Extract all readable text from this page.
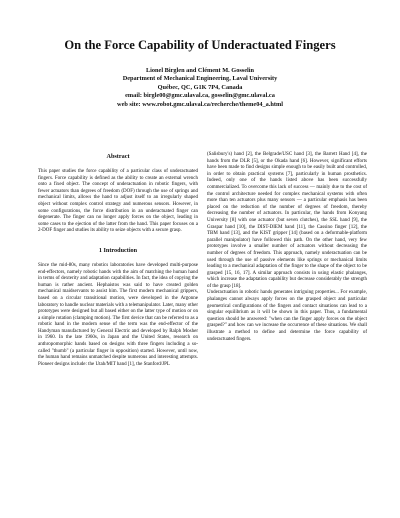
On the Force Capability of Underactuated Fingers
Lionel Birglen and Clément M. Gosselin
Department of Mechanical Engineering, Laval University
Québec, QC, G1K 7P4, Canada
email: birgle00@gmc.ulaval.ca, gosselin@gmc.ulaval.ca
web site: www.robot.gmc.ulaval.ca/recherche/theme04_a.html
Abstract

This paper studies the force capability of a particular class of underactuated fingers. Force capability is defined as the ability to create an external wrench onto a fixed object. The concept of underactuation in robotic fingers, with fewer actuators than degrees of freedom (DOF) through the use of springs and mechanical limits, allows the hand to adjust itself to an irregularly shaped object without complex control strategy and numerous sensors. However, in some configurations, the force distribution in an underactuated finger can degenerate. The finger can no longer apply forces on the object, leading in some cases to the ejection of the latter from the hand. This paper focuses on a 2-DOF finger and studies its ability to seize objects with a secure grasp.

1 Introduction

Since the mid-80s, many robotics laboratories have developed multi-purpose end-effectors, namely robotic hands with the aim of matching the human hand in terms of dexterity and adaptation capabilities. In fact, the idea of copying the human is rather ancient. Hephaistos was said to have created golden mechanical maidservants to assist him. The first modern mechanical grippers, based on a circular transitional motion, were developed in the Argonne laboratory to handle nuclear materials with a telemanipulator. Later, many other prototypes were designed but all based either on the latter type of motion or on a simple rotation (clamping motion). The first device that can be referred to as a robotic hand in the modern sense of the term was the end-effector of the Handyman manufactured by General Electric and developed by Ralph Mosher in 1960. In the late 1960s, in Japan and the United States, research on anthropomorphic hands based on designs with three fingers including a so-called "thumb" (a particular finger in opposition) started. However, until now, the human hand remains unmatched despite numerous and interesting attempts. Pioneer designs include: the Utah/MIT hand [1], the Stanford/JPL

(Salisbury's) hand [2], the Belgrade/USC hand [3], the Barrett Hand [4], the hands from the DLR [5], or the Okada hand [6]. However, significant efforts have been made to find designs simple enough to be easily built and controlled, in order to obtain practical systems [7], particularly in human prosthetics. Indeed, only one of the hands listed above has been successfully commercialized. To overcome this lack of success — mainly due to the cost of the control architecture needed for complex mechanical systems with often more than ten actuators plus many sensors — a particular emphasis has been placed on the reduction of the number of degrees of freedom, thereby decreasing the number of actuators. In particular, the hands from Konyang University [8] with one actuator (but seven clutches), the SSL hand [9], the Graspar hand [10], the DIST-DIEM hand [11], the Cassino finger [12], the TBM hand [13], and the KIST gripper [14] (based on a deformable-platform parallel manipulator) have followed this path. On the other hand, very few prototypes involve a smaller number of actuators without decreasing the number of degrees of freedom. This approach, namely underactuation can be used through the use of passive elements like springs or mechanical limits leading to a mechanical adaptation of the finger to the shape of the object to be grasped [15, 16, 17]. A similar approach consists in using elastic phalanges, which increase the adaptation capability but decrease considerably the strength of the grasp [18].

Underactuation in robotic hands generates intriguing properties... For example, phalanges cannot always apply forces on the grasped object and particular geometrical configurations of the fingers and contact situations can lead to a singular equilibrium as it will be shown in this paper. Thus, a fundamental question should be answered: "when can the finger apply forces on the object grasped?" and how can we increase the occurrence of these situations. We shall illustrate a method to define and determine the force capability of underactuated fingers.
